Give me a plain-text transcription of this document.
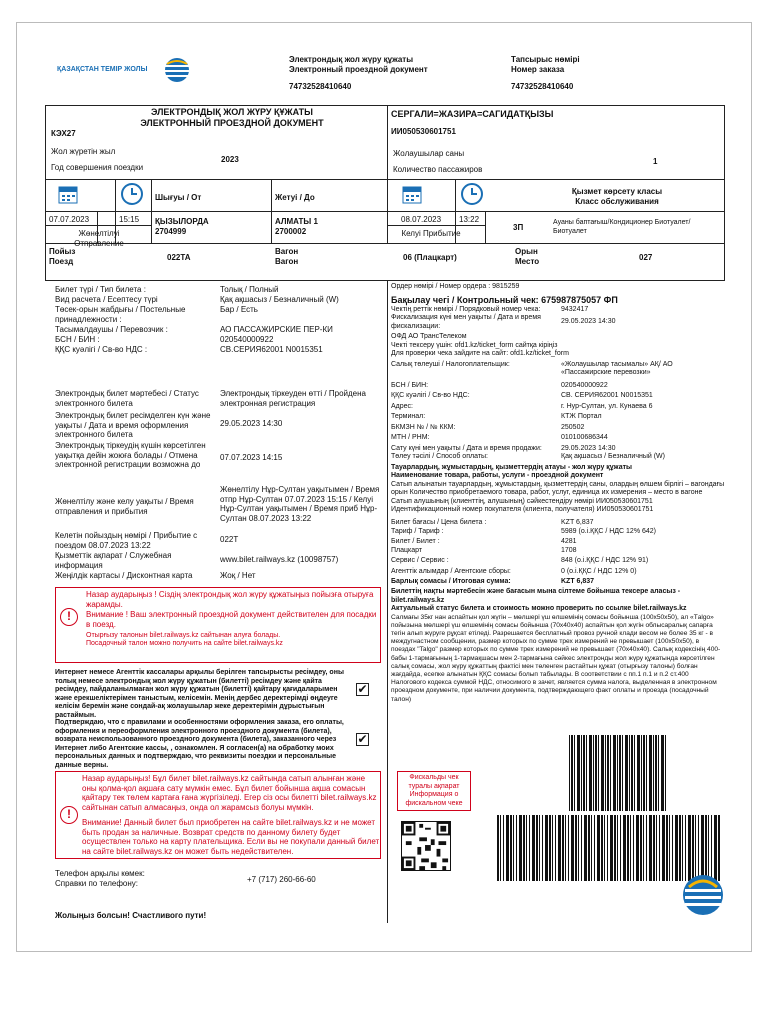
ҚАЗАҚСТАН ТЕМІР ЖОЛЫ
Электрондық жол жүру құжаты
Электронный проездной документ
74732528410640
Тапсырыс нөмірі
Номер заказа
74732528410640
ЭЛЕКТРОНДЫҚ ЖОЛ ЖҮРУ ҚҰЖАТЫ
ЭЛЕКТРОННЫЙ ПРОЕЗДНОЙ ДОКУМЕНТ
КЭХ27
Жол жүретін жыл
Год совершения поездки
2023
СЕРГАЛИ=ЖАЗИРА=САГИДАТҚЫЗЫ
ИИ050530601751
Жолаушылар саны
Количество пассажиров
1
Шығуы / От	Жетуі / До
Қызмет көрсету класы
Класс обслуживания
07.07.2023	15:15
Жөнелтілуі Отправление
ҚЫЗЫЛОРДА
2704999
АЛМАТЫ 1
2700002
08.07.2023 13:22
Келуі Прибытие
3П
Ауаны баптағыш/Кондиционер Биотуалет/Биотуалет
Пойыз Поезд	022ТА
Вагон Вагон	06 (Плацкарт)
Орын Место	027
Билет түрі / Тип билета :	Толық / Полный
Вид расчета / Есептесу түрі	Қақ ақшасыз / Безналичный (W)
Төсек-орын жабдығы / Постельные принадлежности :
Бар / Есть
Тасымалдаушы / Перевозчик :	АО ПАССАЖИРСКИЕ ПЕР-КИ
БСН / БИН :	020540000922
ҚҚС куәлігі / Св-во НДС :	СВ.СЕРИЯ62001 N0015351
Электрондық билет мәртебесі / Статус электронного билета
Электрондық тіркеуден өтті / Пройдена электронная регистрация
Электрондық билет ресімделген күн және уақыты / Дата и время оформления электронного билета
29.05.2023 14:30
Электрондық тіркеудің күшін көрсетілген уақытқа дейін жоюға болады / Отмена электронной регистрации возможна до
07.07.2023 14:15
Жөнелтілу және келу уақыты / Время отправления и прибытия
Жөнелтілу Нұр-Султан уақытымен / Время отпр Нұр-Султан 07.07.2023 15:15 / Келуі Нұр-Султан уақытымен / Время приб Нұр-Султан 08.07.2023 13:22
Келетін пойыздың нөмірі / Прибытие с поездом 08.07.2023 13:22
022Т
Қызметтік ақпарат / Служебная информация
www.bilet.railways.kz (10098757)
Жеңілдік картасы / Дисконтная карта	Жоқ / Нет
!
Назар аударыңыз ! Сіздің электрондық жол жүру құжатыңыз пойызға отыруға жарамды.
Внимание ! Ваш электронный проездной документ действителен для посадки в поезд.
Отырғызу талонын bilet.railways.kz сайтынан алуға болады.
Посадочный талон можно получить на сайте bilet.railways.kz
Интернет немесе Агенттік кассалары арқылы берілген тапсырысты ресімдеу, оны толық немесе электрондық жол жүру құжатын (билетті) ресімдеу және қайта ресімдеу, пайдаланылмаған жол жүру құжатын (билетті) қайтару қағидаларымен және ерекшеліктерімен таныстым, келісемін. Менің дербес деректерімді өңдеуге келісім беремін және сондай-ақ жолаушылар жеке деректерімін дұрыстығын растаймын.
✔
Подтверждаю, что с правилами и особенностями оформления заказа, его оплаты, оформления и переоформления электронного проездного документа (билета), возврата неиспользованного проездного документа (билета), заказанного через Интернет либо Агентские кассы, , ознакомлен. Я согласен(а) на обработку моих персональных данных и подтверждаю, что реквизиты поездки и персональные данные верны.
✔
!
Назар аударыңыз! Бұл билет bilet.railways.kz сайтында сатып алынған және оны қолма-қол ақшаға сату мүмкін емес. Бұл билет бойынша ақша сомасын қайтару тек төлем картаға ғана жүргізіледі. Егер сіз осы билетті bilet.railways.kz сайтынан сатып алмасаңыз, онда ол жарамсыз болуы мүмкін.
Внимание! Данный билет был приобретен на сайте bilet.railways.kz и не может быть продан за наличные. Возврат средств по данному билету будет осуществлен только на карту плательщика. Если вы не покупали данный билет на сайте bilet.railways.kz он может быть недействителен.
Телефон арқылы көмек: Справки по телефону:	+7 (717) 260-66-60
Жолыңыз болсын! Счастливого пути!
Ордер нөмірі / Номер ордера : 9815259
Бақылау чегі / Контрольный чек: 675987875057 ФП
Чектің реттік нөмірі / Порядковый номер чека:	9432417
Фискализация күні мен уақыты / Дата и время фискализации:
29.05.2023 14:30
ОФД АО ТрансТелеком
Чекті тексеру үшін: ofd1.kz/ticket_form сайтқа кіріңіз
Для проверки чека зайдите на сайт: ofd1.kz/ticket_form
Салық төлеуші / Налогоплательщик:	«Жолаушылар тасымалы» АҚ/ АО «Пассажирские перевозки»
БСН / БИН:	020540000922
ҚҚС куәлігі / Св-во НДС:	СВ. СЕРИЯ62001 N0015351
Адрес:	г. Нур-Султан, ул. Кунаева 6
Терминал:	КТЖ Портал
БКМЗН № / № ККМ:	250502
МТН / РНМ:	010100686344
Сату күні мен уақыты / Дата и время продажи:	29.05.2023 14:30
Төлеу тәсілі / Способ оплаты:	Қақ ақшасыз / Безналичный (W)
Тауарлардың, жұмыстардың, қызметтердің атауы - жол жүру құжаты
Наименование товара, работы, услуги - проездной документ
Сатып алынатын тауарлардың, жұмыстардың, қызметтердің саны, олардың өлшем бірлігі – вагондағы орын Количество приобретаемого товара, работ, услуг, единица их измерения – место в вагоне
Сатып алушының (клиенттің, алушының) сәйкестендіру нөмірі ИИ050530601751
Идентификационный номер покупателя (клиента, получателя) ИИ050530601751
Билет бағасы / Цена билета :	KZT 6,837
Тариф / Тариф :	5989 (о.і.ҚҚС / НДС 12% 642)
Билет / Билет :	4281
Плацкарт	1708
Сервис / Сервис :	848 (о.і.ҚҚС / НДС 12% 91)
Агенттік алымдар / Агентские сборы:	0 (о.і.ҚҚС / НДС 12% 0)
Барлық сомасы / Итоговая сумма:	KZT 6,837
Билеттің нақты мәртебесін және бағасын мына сілтеме бойынша тексере аласыз - bilet.railways.kz
Актуальный статус билета и стоимость можно проверить по ссылке bilet.railways.kz
Салмағы 35кг нан аспайтын қол жүгін – мөлшері үш өлшемінің сомасы бойынша (100x50x50), ал «Тalgo» пойызына мөлшері үш өлшемінің сомасы бойынша (70x40x40) аспайтын қол жүгін облысаралық сапарға тегін алып жүруге рұқсат етіледі. Разрешается бесплатный провоз ручной клади весом не более 35 кг - в междугнастном сообщении, размер которых по сумме трех измерений не превышает (100x50x50), в поездах "Talgo" размер которых по сумме трех измерений не превышает (70x40x40). Салық кодексінің 400-бабы 1-тармағының 1-тармақшасы мен 2-тармағына сәйкес электронды жол жүру құжатында көрсетілген салық сомасы, жол жүру құжаттың фактісі мен төленген растайтын құжат (отырғызу талоны) болған жағдайда, есепке алынатын ҚҚС сомасы болып табылады. В соответствии с пп.1 п.1 и п.2 ст.400 Налогового кодекса суммой НДС, относимого в зачет, является сумма налога, выделенная в электронном проездном документе, при наличии документа, подтверждающего факт оплаты и проезда (посадочный талон)
Фискальды чек туралы ақпарат Информация о фискальном чеке
